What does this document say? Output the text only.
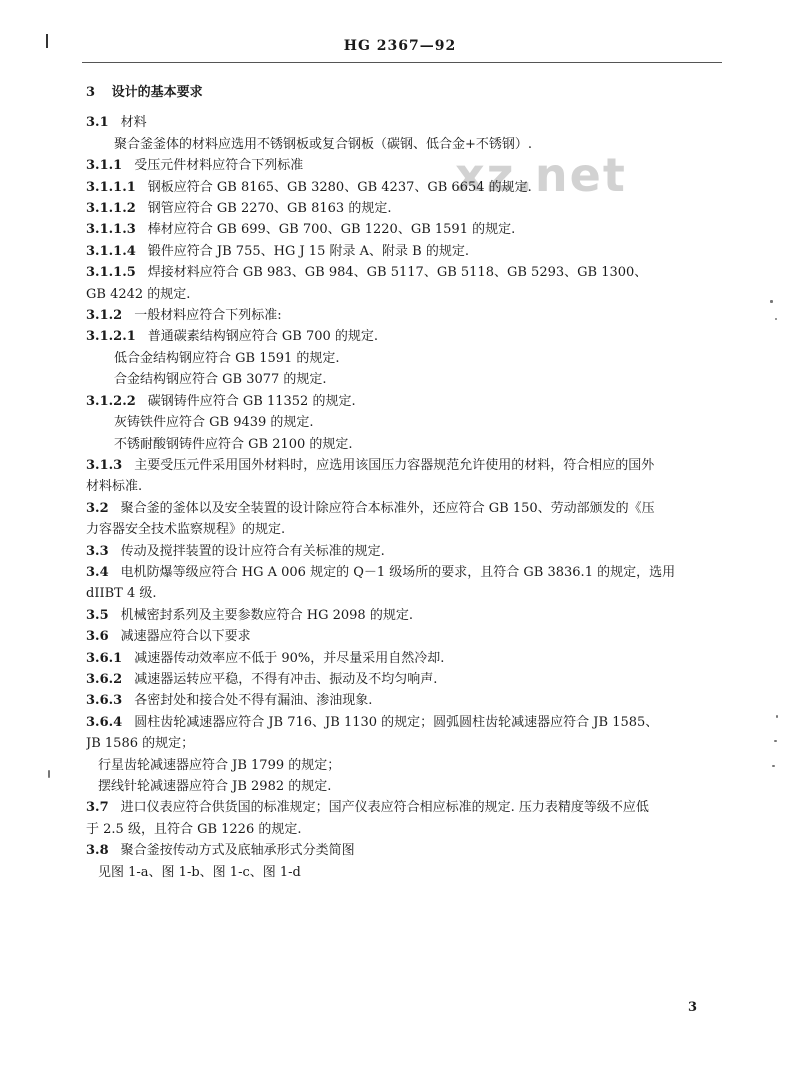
HG 2367—92
xz.net
3 设计的基本要求
3.1 材料
聚合釜釜体的材料应选用不锈钢板或复合钢板（碳钢、低合金+不锈钢）.
3.1.1 受压元件材料应符合下列标准
3.1.1.1 钢板应符合 GB 8165、GB 3280、GB 4237、GB 6654 的规定.
3.1.1.2 钢管应符合 GB 2270、GB 8163 的规定.
3.1.1.3 棒材应符合 GB 699、GB 700、GB 1220、GB 1591 的规定.
3.1.1.4 锻件应符合 JB 755、HG J 15 附录 A、附录 B 的规定.
3.1.1.5 焊接材料应符合 GB 983、GB 984、GB 5117、GB 5118、GB 5293、GB 1300、
GB 4242 的规定.
3.1.2 一般材料应符合下列标准:
3.1.2.1 普通碳素结构钢应符合 GB 700 的规定.
低合金结构钢应符合 GB 1591 的规定.
合金结构钢应符合 GB 3077 的规定.
3.1.2.2 碳钢铸件应符合 GB 11352 的规定.
灰铸铁件应符合 GB 9439 的规定.
不锈耐酸钢铸件应符合 GB 2100 的规定.
3.1.3 主要受压元件采用国外材料时，应选用该国压力容器规范允许使用的材料，符合相应的国外
材料标准.
3.2 聚合釜的釜体以及安全装置的设计除应符合本标准外，还应符合 GB 150、劳动部颁发的《压
力容器安全技术监察规程》的规定.
3.3 传动及搅拌装置的设计应符合有关标准的规定.
3.4 电机防爆等级应符合 HG A 006 规定的 Q－1 级场所的要求，且符合 GB 3836.1 的规定，选用
dIIBT 4 级.
3.5 机械密封系列及主要参数应符合 HG 2098 的规定.
3.6 减速器应符合以下要求
3.6.1 减速器传动效率应不低于 90%，并尽量采用自然冷却.
3.6.2 减速器运转应平稳，不得有冲击、振动及不均匀响声.
3.6.3 各密封处和接合处不得有漏油、渗油现象.
3.6.4 圆柱齿轮减速器应符合 JB 716、JB 1130 的规定；圆弧圆柱齿轮减速器应符合 JB 1585、
JB 1586 的规定；
行星齿轮减速器应符合 JB 1799 的规定；
摆线针轮减速器应符合 JB 2982 的规定.
3.7 进口仪表应符合供货国的标准规定；国产仪表应符合相应标准的规定. 压力表精度等级不应低
于 2.5 级，且符合 GB 1226 的规定.
3.8 聚合釜按传动方式及底轴承形式分类简图
见图 1-a、图 1-b、图 1-c、图 1-d
3
